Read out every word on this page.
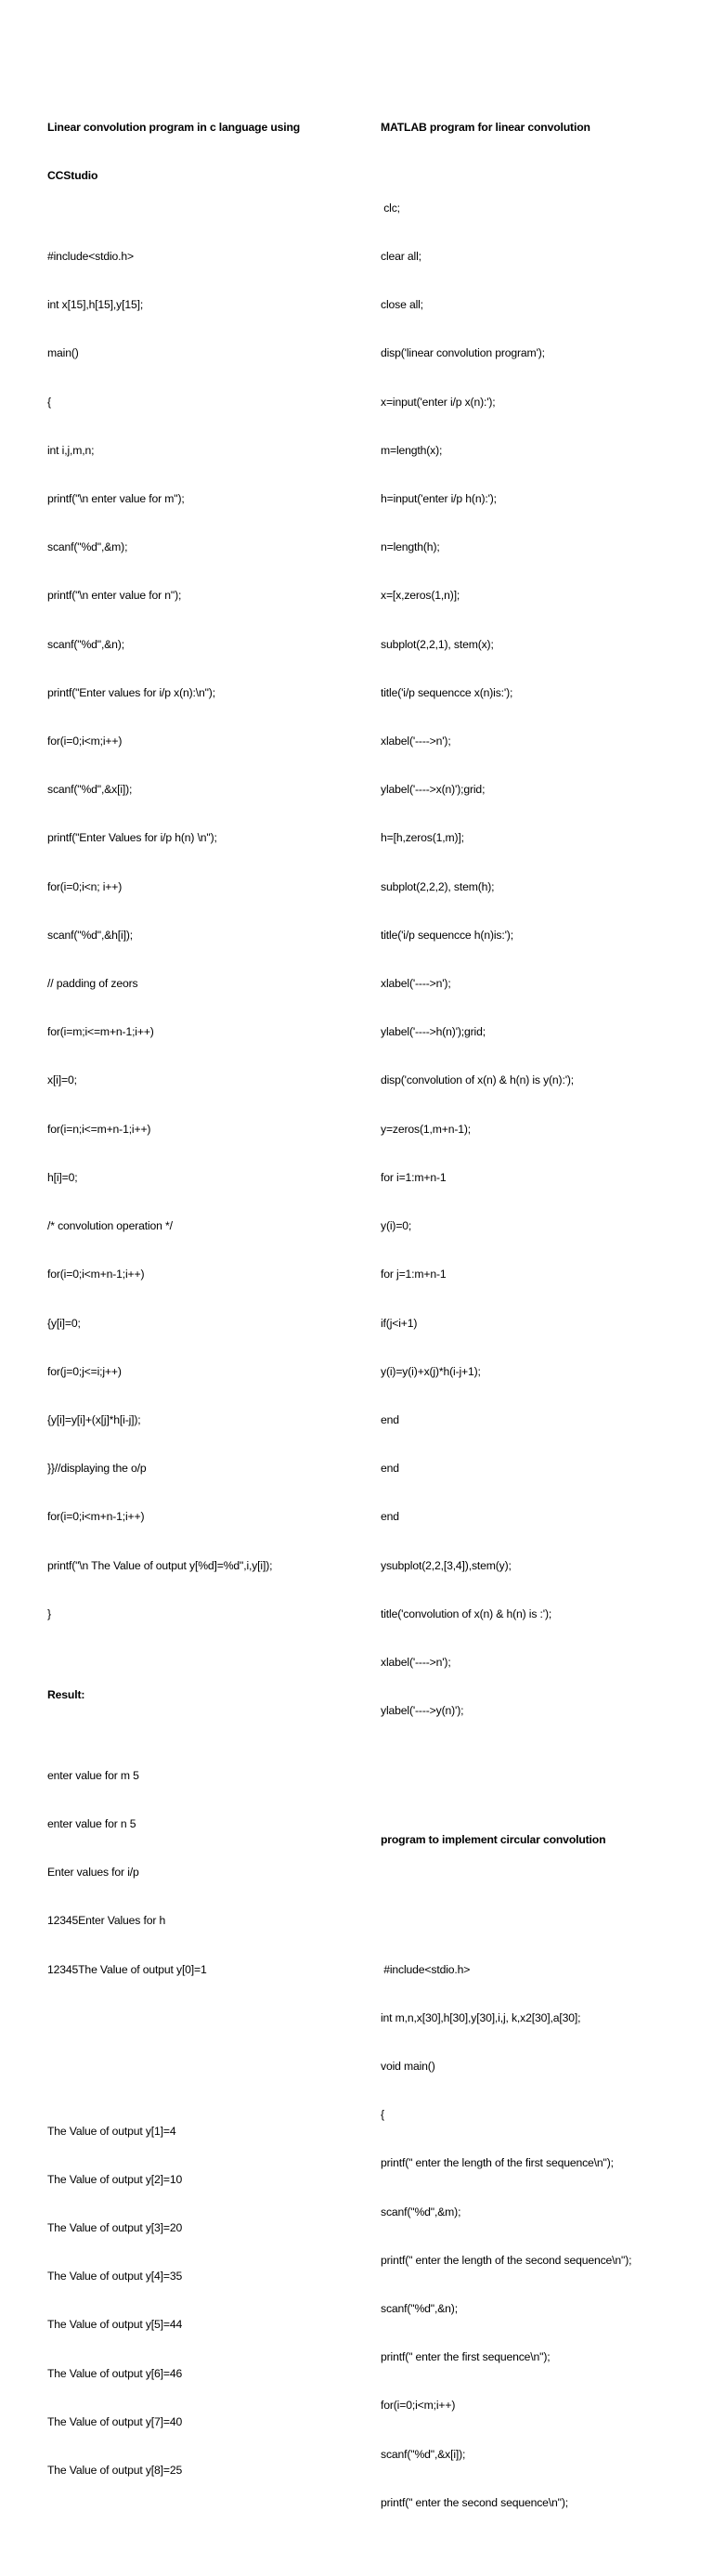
Linear convolution program in c language using

CCStudio

#include<stdio.h>

int x[15],h[15],y[15];

main()

{

int i,j,m,n;

printf("\n enter value for m");

scanf("%d",&m);

printf("\n enter value for n");

scanf("%d",&n);

printf("Enter values for i/p x(n):\n");

for(i=0;i<m;i++)

scanf("%d",&x[i]);

printf("Enter Values for i/p h(n) \n");

for(i=0;i<n; i++)

scanf("%d",&h[i]);

// padding of zeors

for(i=m;i<=m+n-1;i++)

x[i]=0;

for(i=n;i<=m+n-1;i++)

h[i]=0;

/* convolution operation */

for(i=0;i<m+n-1;i++)

{y[i]=0;

for(j=0;j<=i;j++)

{y[i]=y[i]+(x[j]*h[i-j]);

}}//displaying the o/p

for(i=0;i<m+n-1;i++)

printf("\n The Value of output y[%d]=%d",i,y[i]);

}

Result:

enter value for m 5

enter value for n 5

Enter values for i/p

12345Enter Values for h

12345The Value of output y[0]=1

The Value of output y[1]=4

The Value of output y[2]=10

The Value of output y[3]=20

The Value of output y[4]=35

The Value of output y[5]=44

The Value of output y[6]=46

The Value of output y[7]=40

The Value of output y[8]=25

MATLAB program for linear convolution

clc;

clear all;

close all;

disp('linear convolution program');

x=input('enter i/p x(n):');

m=length(x);

h=input('enter i/p h(n):');

n=length(h);

x=[x,zeros(1,n)];

subplot(2,2,1), stem(x);

title('i/p sequencce x(n)is:');

xlabel('---->n');

ylabel('---->x(n)');grid;

h=[h,zeros(1,m)];

subplot(2,2,2), stem(h);

title('i/p sequencce h(n)is:');

xlabel('---->n');

ylabel('---->h(n)');grid;

disp('convolution of x(n) & h(n) is y(n):');

y=zeros(1,m+n-1);

for i=1:m+n-1

y(i)=0;

for j=1:m+n-1

if(j<i+1)

y(i)=y(i)+x(j)*h(i-j+1);

end

end

end

ysubplot(2,2,[3,4]),stem(y);

title('convolution of x(n) & h(n) is :');

xlabel('---->n');

ylabel('---->y(n)');

program to implement circular convolution

#include<stdio.h>

int m,n,x[30],h[30],y[30],i,j, k,x2[30],a[30];

void main()

{

printf(" enter the length of the first sequence\n");

scanf("%d",&m);

printf(" enter the length of the second sequence\n");

scanf("%d",&n);

printf(" enter the first sequence\n");

for(i=0;i<m;i++)

scanf("%d",&x[i]);

printf(" enter the second sequence\n");
